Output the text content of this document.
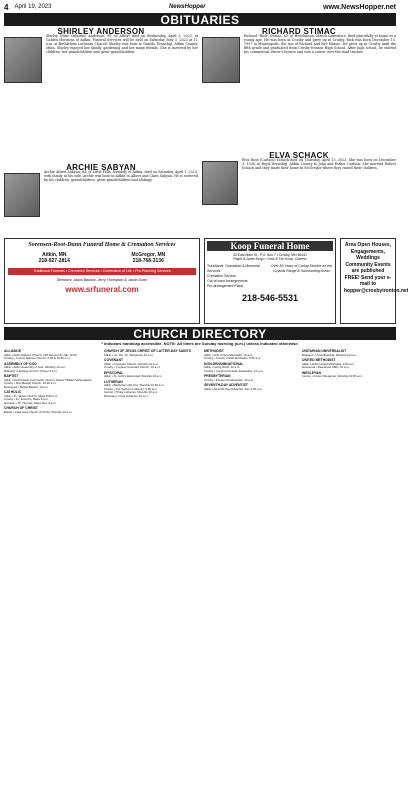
4 April 19, 2023	NewsHopper	www.NewsHopper.net
OBITUARIES
SHIRLEY ANDERSON
Shirley (Nine Osborne) Anderson, 90, of Albert died on Wednesday, April 5, 2023, at Golden Horizons of Aitkin. Funeral Services will be held on Saturday May 3, 2023 at 11 a.m. at Bethlehem Lutheran Church. Shirley was born in Tuxedo Township, Aitkin County, Minn. Shirley enjoyed her family, gardening and her many friends. She is survived by her children, her grandchildren and great-grandchildren.
RICHARD STIMAC
Richard "Rick" Stimac, 65, of Hutchinson, March Lakeshore, died peacefully at home at a young age. He was born in Crosby and grew up in Crosby. Rick was born December 15, 1957 in Minneapolis, the son of Richard and Bev Stimac. He grew up in Crosby until the fifth grade and graduated from Crosby-Ironton High School. After high school, he started his commercial driver's license and was a career over-the-road trucker.
ARCHIE SABYAN
Archie Albert Sabyan, 84, of Little Falls, formerly of Aitkin, died on Saturday, April 1, 2023, with family at his side. Archie was born in Aitkin to Albert and Clara Sabyan. He is survived by his children, grandchildren, great-grandchildren and siblings.
ELVA SCHACK
Elva Rose (Carlson) Schack died on Thursday, April 13, 2023. She was born on December 3, 1936, in Boyd Township, Aitkin County to John and Esther Carlson. She married Robert Schack and they made their home in McGregor where they raised their children.
Sorensen-Root-Dunn Funeral Home & Cremation Services
Aitkin, MN
218-927-2814
McGregor, MN
218-768-3136
Traditional Funerals • Cremation Services • Celebration of Life • Pre-Planning Services
Directors: Jason Bautick, Jerry Thompson & Jacob Dunn
www.srfuneral.com
Koop Funeral Home
32 East Main St., P.O. Box 7 • Crosby, MN 56441
Ralph & Janet Koop • Chris & Tim Koop, Owners
Traditional, Graveside & Memorial Services
Cremation Service
Out of town Arrangements
Pre-arrangement Plans
Over 80 Years of Caring Service on the Cuyuna Range & Surrounding Areas
218-546-5531
Area Open Houses, Engagements, Weddings Community Events are published FREE! Send your e-mail to hopper@crosbyironton.net
CHURCH DIRECTORY
* Indicates handicap accessible. NOTE: All times are Sunday morning (a.m.) unless indicated otherwise.
ALLIANCE
Aitkin • Aitkin Alliance Church, 218 Second St. NE. 10:30
Crosby • Crosby Alliance Church, 8:30 & 10:30 a.m.
ASSEMBLY OF GOD
Aitkin • Aitkin Assembly of God, Worship 10 a.m.
Brainerd • Heritage Church, Prayer 9 a.m.
BAPTIST
Aitkin • Northwoods Community Church, Pastor William Vehrenkamp
Crosby • First Baptist Church, 10:30 a.m.
Deerwood • Bethel Baptist, 10 a.m.
CATHOLIC
Aitkin • St. James Church, Mass 8:30 a.m.
Crosby • St. Joseph's, Mass 9 a.m.
Garrison • St. Thomas, Mass Sun. 9 a.m.
CHURCH OF CHRIST
Baxter • Lake Area Church of Christ, Worship 10 a.m.
CHURCH OF JESUS CHRIST OF LATTER-DAY SAINTS
Aitkin • Co. Rd. 12, Sacrament 10 a.m.
COVENANT
Aitkin • Covenant Church, Worship 10 a.m.
Crosby • Cuyuna Covenant Church, 10 a.m.
EPISCOPAL
Aitkin • St. John's Episcopal, Worship 10 a.m.
LUTHERAN
Aitkin • Bethlehem (ELCA), Worship 10:30 a.m.
Crosby • Our Savior's Lutheran, 9:30 a.m.
Ironton • Trinity Lutheran, Worship 10 a.m.
McGregor • First Lutheran, 10 a.m.
METHODIST
Aitkin • First United Methodist, 10 a.m.
Crosby • Crosby United Methodist, 9:30 a.m.
NON-DENOMINATIONAL
Aitkin • Living Word, 10 a.m.
Crosby • Cuyuna Christian Fellowship, 10 a.m.
PRESBYTERIAN
Crosby • Pioneer Presbyterian, 10 a.m.
SEVENTH-DAY ADVENTIST
Aitkin • Seventh-Day Adventist, Sat. 9:30 a.m.
UNITARIAN UNIVERSALIST
Brainerd • UU Fellowship, Worship 10 a.m.
UNITED METHODIST
Aitkin • Aitkin United Methodist, 9:30 a.m.
Deerwood • Deerwood UMC, 10 a.m.
WESLEYAN
Ironton • Ironton Wesleyan, Worship 10:30 a.m.
